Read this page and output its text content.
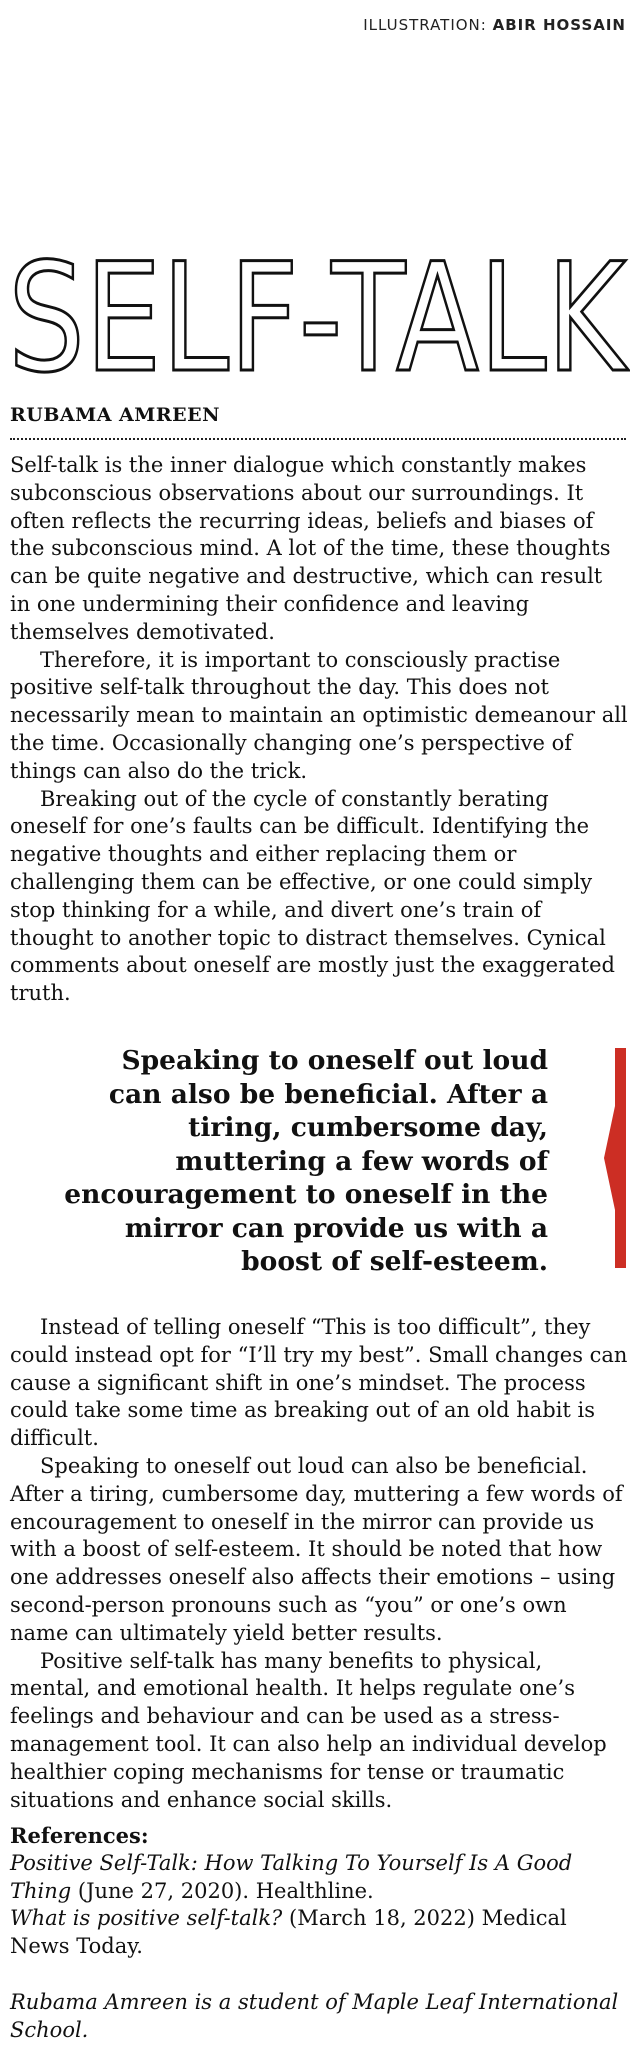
ILLUSTRATION: ABIR HOSSAIN
SELF-TALK
RUBAMA AMREEN

Self-talk is the inner dialogue which constantly makes subconscious observations about our surroundings. It often reflects the recurring ideas, beliefs and biases of the subconscious mind. A lot of the time, these thoughts can be quite negative and destructive, which can result in one undermining their confidence and leaving themselves demotivated.

Therefore, it is important to consciously practise positive self-talk throughout the day. This does not necessarily mean to maintain an optimistic demeanour all the time. Occasionally changing one’s perspective of things can also do the trick.

Breaking out of the cycle of constantly berating oneself for one’s faults can be difficult. Identifying the negative thoughts and either replacing them or challenging them can be effective, or one could simply stop thinking for a while, and divert one’s train of thought to another topic to distract themselves. Cynical comments about oneself are mostly just the exaggerated truth.

Speaking to oneself out loud can also be beneficial. After a tiring, cumbersome day, muttering a few words of encouragement to oneself in the mirror can provide us with a boost of self-esteem.

Instead of telling oneself “This is too difficult”, they could instead opt for “I’ll try my best”. Small changes can cause a significant shift in one’s mindset. The process could take some time as breaking out of an old habit is difficult.

Speaking to oneself out loud can also be beneficial. After a tiring, cumbersome day, muttering a few words of encouragement to oneself in the mirror can provide us with a boost of self-esteem. It should be noted that how one addresses oneself also affects their emotions – using second-person pronouns such as “you” or one’s own name can ultimately yield better results.

Positive self-talk has many benefits to physical, mental, and emotional health. It helps regulate one’s feelings and behaviour and can be used as a stress-management tool. It can also help an individual develop healthier coping mechanisms for tense or traumatic situations and enhance social skills.

References:
Positive Self-Talk: How Talking To Yourself Is A Good Thing (June 27, 2020). Healthline.
What is positive self-talk? (March 18, 2022) Medical News Today.
Rubama Amreen is a student of Maple Leaf International School.
